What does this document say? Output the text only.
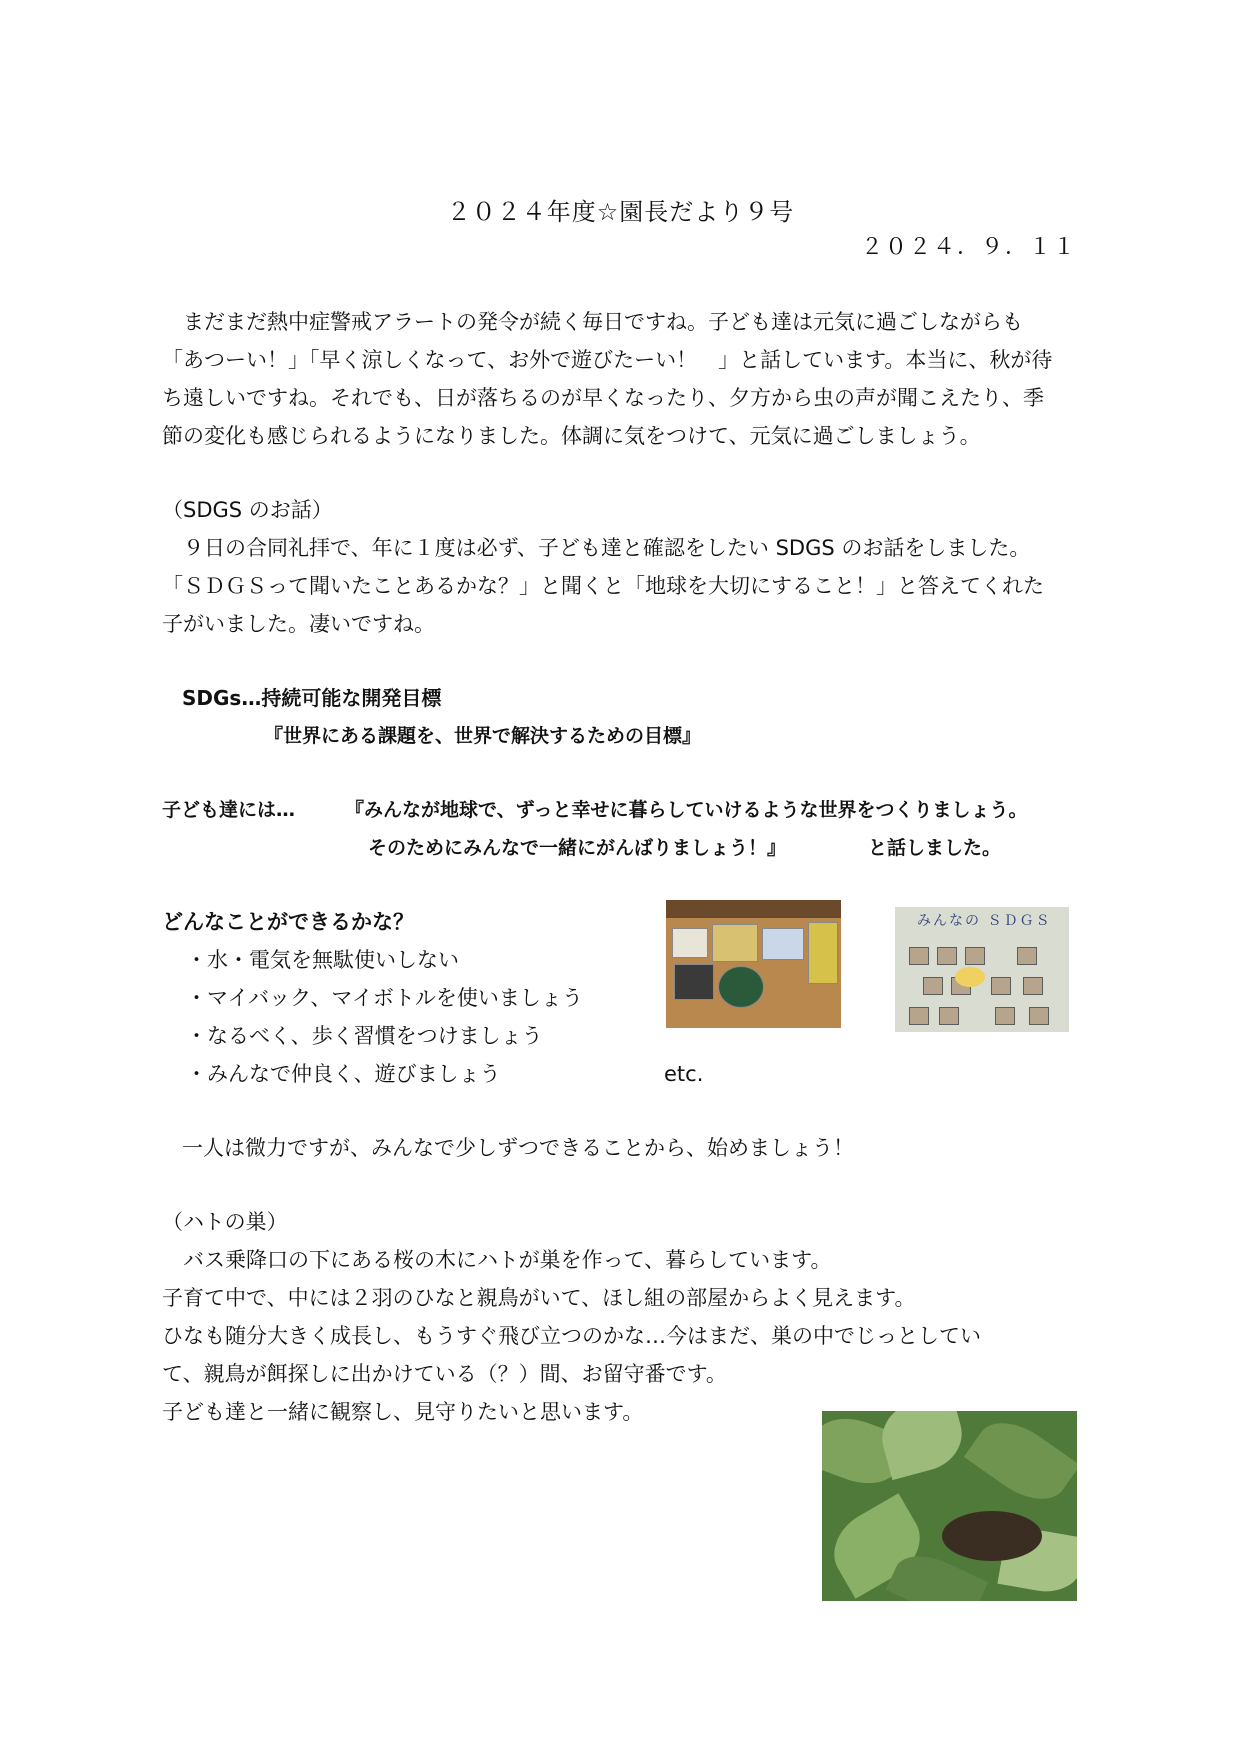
２０２４年度☆園長だより９号
２０２４．９．１１
　まだまだ熱中症警戒アラートの発令が続く毎日ですね。子ども達は元気に過ごしながらも
「あつーい！」「早く涼しくなって、お外で遊びたーい！　」と話しています。本当に、秋が待
ち遠しいですね。それでも、日が落ちるのが早くなったり、夕方から虫の声が聞こえたり、季
節の変化も感じられるようになりました。体調に気をつけて、元気に過ごしましょう。
（SDGS のお話）
　９日の合同礼拝で、年に１度は必ず、子ども達と確認をしたい SDGS のお話をしました。
「ＳＤＧＳって聞いたことあるかな？」と聞くと「地球を大切にすること！」と答えてくれた
子がいました。凄いですね。
SDGs…持続可能な開発目標
『世界にある課題を、世界で解決するための目標』
子ども達には…	『みんなが地球で、ずっと幸せに暮らしていけるような世界をつくりましょう。
そのためにみんなで一緒にがんばりましょう！』	と話しました。
どんなことができるかな？
・水・電気を無駄使いしない
・マイバック、マイボトルを使いましょう
・なるべく、歩く習慣をつけましょう
・みんなで仲良く、遊びましょう	etc.
一人は微力ですが、みんなで少しずつできることから、始めましょう！
みんなの ＳＤＧＳ
（ハトの巣）
　バス乗降口の下にある桜の木にハトが巣を作って、暮らしています。
子育て中で、中には２羽のひなと親鳥がいて、ほし組の部屋からよく見えます。
ひなも随分大きく成長し、もうすぐ飛び立つのかな…今はまだ、巣の中でじっとしてい
て、親鳥が餌探しに出かけている（？）間、お留守番です。
子ども達と一緒に観察し、見守りたいと思います。
